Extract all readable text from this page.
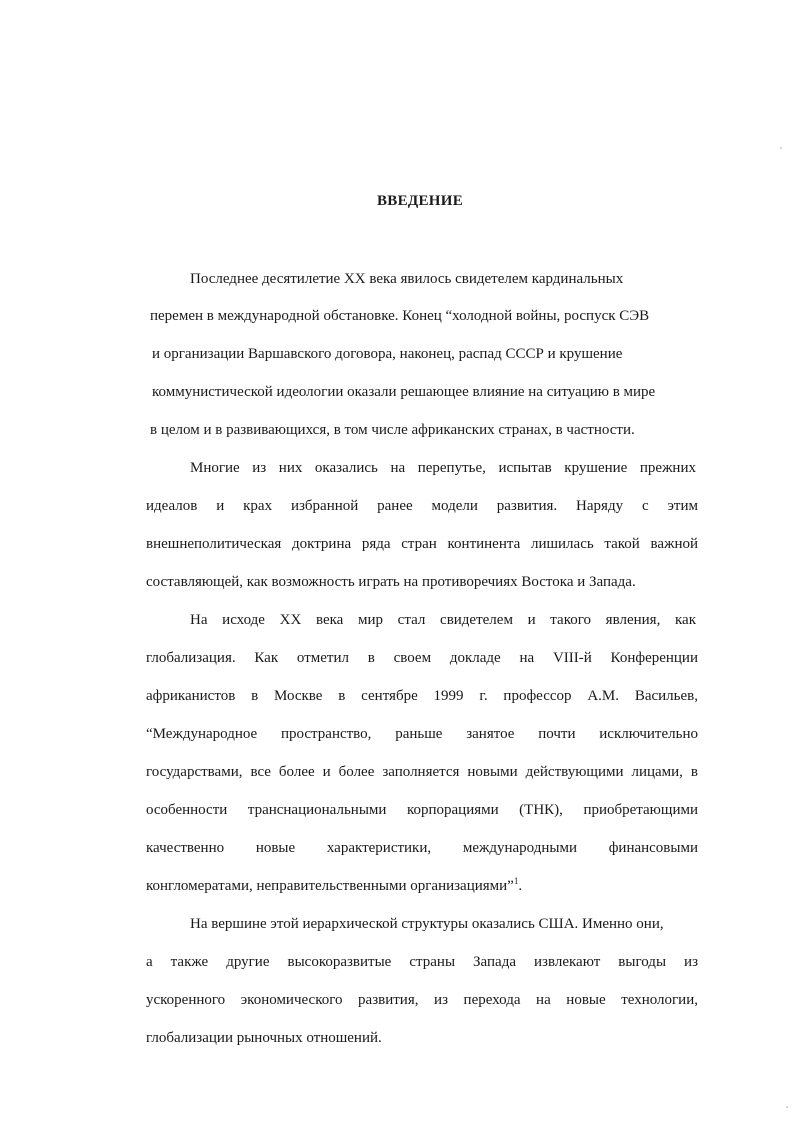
ВВЕДЕНИЕ
Последнее десятилетие XX века явилось свидетелем кардинальных
перемен в международной обстановке. Конец “холодной войны, роспуск СЭВ
и организации Варшавского договора, наконец, распад СССР и крушение
коммунистической идеологии оказали решающее влияние на ситуацию в мире
в целом и в развивающихся, в том числе африканских странах, в частности.
Многие из них оказались на перепутье, испытав крушение прежних
идеалов и крах избранной ранее модели развития. Наряду с этим
внешнеполитическая доктрина ряда стран континента лишилась такой важной
составляющей, как возможность играть на противоречиях Востока и Запада.
На исходе XX века мир стал свидетелем и такого явления, как
глобализация. Как отметил в своем докладе на VIII-й Конференции
африканистов в Москве в сентябре 1999 г. профессор А.М. Васильев,
“Международное пространство, раньше занятое почти исключительно
государствами, все более и более заполняется новыми действующими лицами, в
особенности транснациональными корпорациями (ТНК), приобретающими
качественно новые характеристики, международными финансовыми
конгломератами, неправительственными организациями”$^1$.
На вершине этой иерархической структуры оказались США. Именно они,
а также другие высокоразвитые страны Запада извлекают выгоды из
ускоренного экономического развития, из перехода на новые технологии,
глобализации рыночных отношений.
